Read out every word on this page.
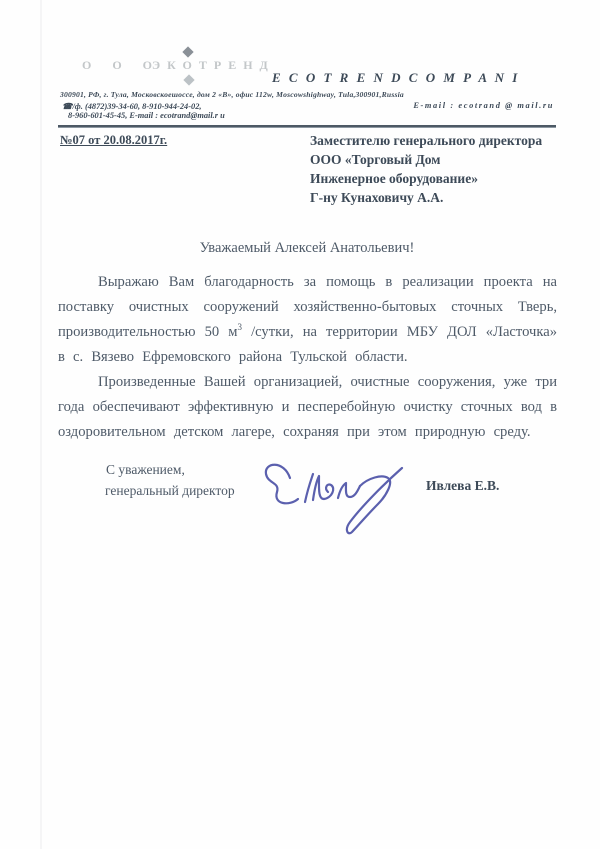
О О О
ЭКОТРЕНД
E C O T R E N D C O M P A N I
300901, РФ, г. Тула, Московскоешоссе, дом 2 «В», офис 112w, Moscowshighway, Tula,300901,Russia
☎/ф. (4872)39-34-60, 8-910-944-24-02,	E-mail : ecotrand @ mail.ru
8-960-601-45-45, E-mail : ecotrand@mail.r u
№07 от 20.08.2017г.	Заместителю генерального директора
ООО «Торговый Дом
Инженерное оборудование»
Г-ну Кунаховичу А.А.
Уважаемый Алексей Анатольевич!

Выражаю Вам благодарность за помощь в реализации проекта на поставку очистных сооружений хозяйственно-бытовых сточных Тверь, производительностью 50 $м^3$ /сутки, на территории МБУ ДОЛ «Ласточка» в с. Вязево Ефремовского района Тульской области.

Произведенные Вашей организацией, очистные сооружения, уже три года обеспечивают эффективную и песперебойную очистку сточных вод в оздоровительном детском лагере, сохраняя при этом природную среду.

С уважением,
генеральный директор	Ивлева Е.В.
